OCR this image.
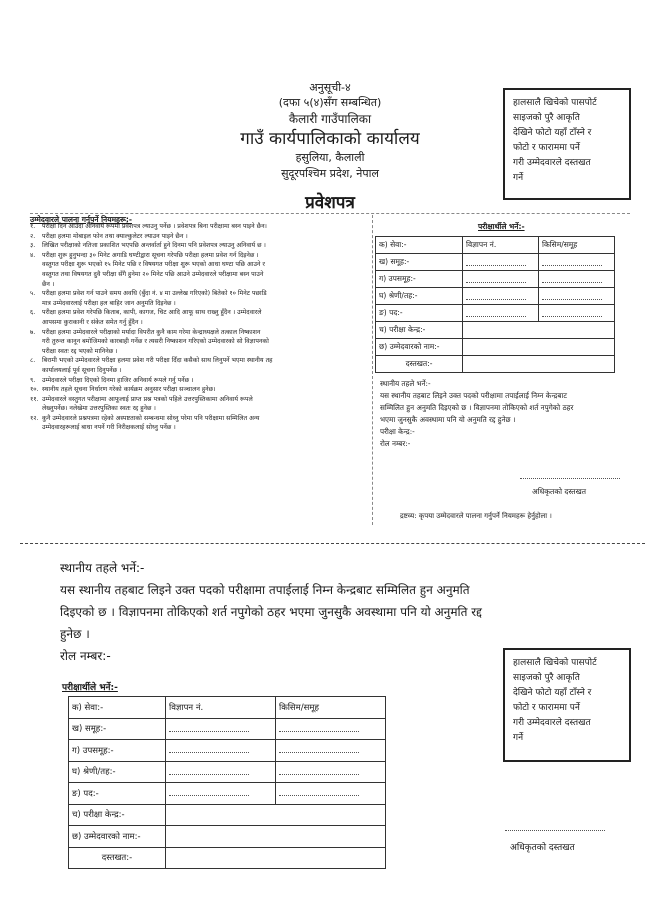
अनुसूची-४
(दफा ५(४)सँग सम्बन्धित)
कैलारी गाउँपालिका
गाउँ कार्यपालिकाको कार्यालय
हसुलिया, कैलाली
सुदूरपश्चिम प्रदेश, नेपाल
प्रवेशपत्र
हालसालै खिचेको पासपोर्ट
साइजको पुरै आकृति
देखिने फोटो यहाँ टाँस्ने र
फोटो र फाराममा पर्ने
गरी उम्मेदवारले दस्तखत
गर्ने
उम्मेदवारले पालना गर्नुपर्ने नियमहरू:-
१.	परीक्षा दिन आउँदा अनिवार्य रूपमा प्रवेशपत्र ल्याउनु पर्नेछ । प्रवेशपत्र बिना परीक्षामा बस्न पाइने छैन।
२.	परीक्षा हलमा मोबाइल फोन तथा क्याल्कुलेटर ल्याउन पाइने छैन ।
३.	लिखित परीक्षाको नतिजा प्रकाशित भएपछि अन्तर्वार्ता हुने दिनमा पनि प्रवेशपत्र ल्याउनु अनिवार्य छ ।
४.	परीक्षा शुरू हुनुभन्दा ३० मिनेट अगाडि घण्टीद्वारा सूचना गरेपछि परीक्षा हलमा प्रवेश गर्न दिइनेछ ।
वस्तुगत परीक्षा शुरू भएको १५ मिनेट पछि र विषयगत परीक्षा शुरू भएको आधा घण्टा पछि आउने र
वस्तुगत तथा विषयगत दुवै परीक्षा सँगै हुनेमा २० मिनेट पछि आउने उम्मेदवारले परीक्षामा बस्न पाउने
छैन ।
५.	परीक्षा हलमा प्रवेश गर्न पाउने समय अवधि (बुँदा नं. ४ मा उल्लेख गरिएको) बितेको १० मिनेट पछाडि
मात्र उम्मेदवारलाई परीक्षा हल बाहिर जान अनुमति दिइनेछ ।
६.	परीक्षा हलमा प्रवेश गरेपछि किताब, कापी, कागज, चिट आदि आफू साथ राख्नु हुँदैन । उम्मेदवारले
आपसमा कुराकानी र संकेत समेत गर्नु हुँदैन ।
७.	परीक्षा हलमा उम्मेदवारले परीक्षाको मर्यादा विपरीत कुनै काम गरेमा केन्द्राध्यक्षले तत्काल निष्काशन
गरी तुरुन्त कानून बमोजिमको कारबाही गर्नेछ र त्यसरी निष्काशन गरिएको उम्मेदवारको सो विज्ञापनको
परीक्षा स्वतः रद्द भएको मानिनेछ ।
८.	बिरामी भएको उम्मेदवारले परीक्षा हलमा प्रवेश गरी परीक्षा दिँदा कसैको साथ लिनुपर्ने भएमा स्थानीय तह
कार्यालयलाई पूर्व सूचना दिनुपर्नेछ ।
९.	उम्मेदवारले परीक्षा दिएको दिनमा हाजिर अनिवार्य रूपले गर्नु पर्नेछ ।
१०. स्थानीय तहले सूचना निर्धारण गरेको कार्यक्रम अनुसार परीक्षा सञ्चालन हुनेछ।
११. उम्मेदवारले वस्तुगत परीक्षामा आफूलाई प्राप्त प्रश्न पत्रको पहिले उत्तरपुस्तिकामा अनिवार्य रूपले
लेख्नुपर्नेछ। नलेखेमा उत्तरपुस्तिका स्वतः रद्द हुनेछ ।
१२. कुनै उम्मेदवारले प्रश्नपत्रमा रहेको अस्पष्टताको सम्बन्धमा सोध्नु परेमा पनि परीक्षामा सम्मिलित अन्य
उम्मेदवारहरूलाई बाधा नपर्ने गरी निरीक्षकलाई सोध्नु पर्नेछ ।
परीक्षार्थीले भर्ने:-
क) सेवा:-	विज्ञापन नं.	किसिम/समूह
ख) समूह:-		
ग) उपसमूह:-		
घ) श्रेणी/तह:-		
ङ) पद:-		
च) परीक्षा केन्द्र:-		
छ) उम्मेदवारको नाम:-		
दस्तखत:-		
स्थानीय तहले भर्ने:-
यस स्थानीय तहबाट लिइने उक्त पदको परीक्षामा तपाईलाई निम्न केन्द्रबाट
सम्मिलित हुन अनुमति दिइएको छ । विज्ञापनमा तोकिएको शर्त नपुगेको ठहर
भएमा जुनसुकै अवस्थामा पनि यो अनुमति रद्द हुनेछ ।
परीक्षा केन्द्र:-
रोल नम्बर:-
अधिकृतको दस्तखत
द्रष्टव्य: कृपया उम्मेदवारले पालना गर्नुपर्ने नियमहरू हेर्नुहोला ।
स्थानीय तहले भर्ने:-
यस स्थानीय तहबाट लिइने उक्त पदको परीक्षामा तपाईलाई निम्न केन्द्रबाट सम्मिलित हुन अनुमति
दिइएको छ । विज्ञापनमा तोकिएको शर्त नपुगेको ठहर भएमा जुनसुकै अवस्थामा पनि यो अनुमति रद्द
हुनेछ ।
रोल नम्बर:-	हालसालै खिचेको पासपोर्ट
साइजको पुरै आकृति
देखिने फोटो यहाँ टाँस्ने र
फोटो र फाराममा पर्ने
गरी उम्मेदवारले दस्तखत
गर्ने
परीक्षार्थीले भर्ने:-
क) सेवा:-	विज्ञापन नं.	किसिम/समूह
ख) समूह:-		
ग) उपसमूह:-		
घ) श्रेणी/तह:-		
ङ) पद:-		
च) परीक्षा केन्द्र:-		
छ) उम्मेदवारको नाम:-		
दस्तखत:-		
अधिकृतको दस्तखत
